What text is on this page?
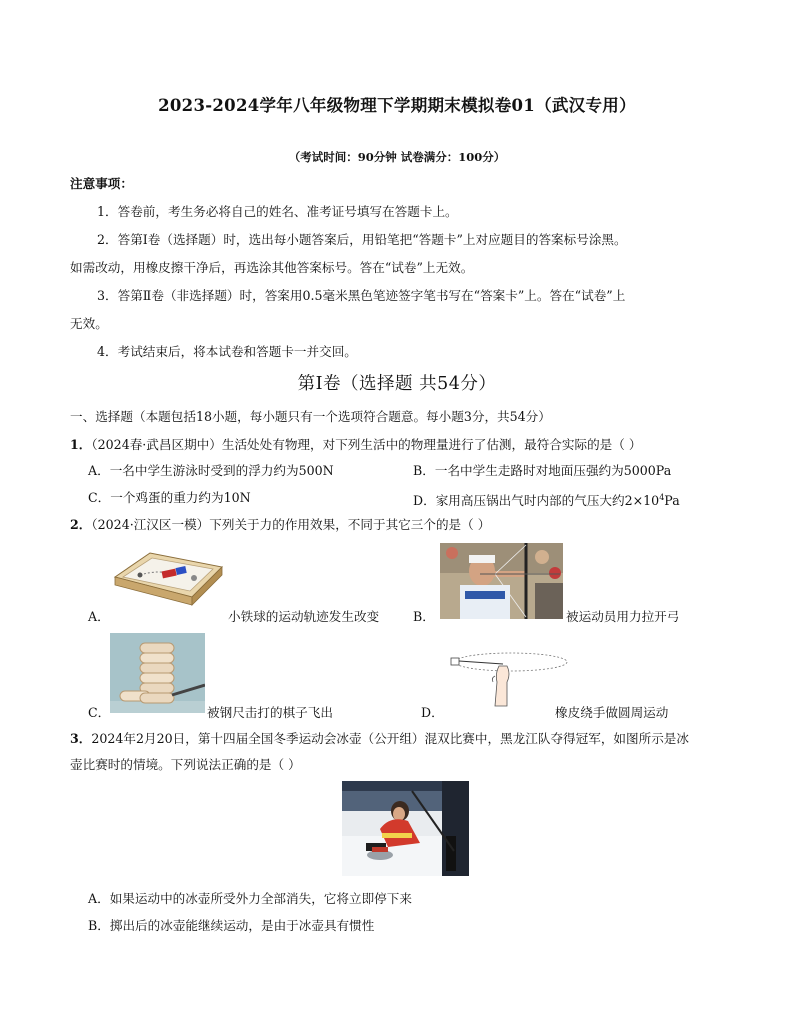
2023-2024学年八年级物理下学期期末模拟卷01（武汉专用）
（考试时间：90分钟 试卷满分：100分）
注意事项：
1．答卷前，考生务必将自己的姓名、准考证号填写在答题卡上。
2．答第Ⅰ卷（选择题）时，选出每小题答案后，用铅笔把“答题卡”上对应题目的答案标号涂黑。
如需改动，用橡皮擦干净后，再选涂其他答案标号。答在“试卷”上无效。
3．答第Ⅱ卷（非选择题）时，答案用0.5毫米黑色笔迹签字笔书写在“答案卡”上。答在“试卷”上
无效。
4．考试结束后，将本试卷和答题卡一并交回。
第Ⅰ卷（选择题 共54分）
一、选择题（本题包括18小题，每小题只有一个选项符合题意。每小题3分，共54分）
1．（2024春·武昌区期中）生活处处有物理，对下列生活中的物理量进行了估测，最符合实际的是（ ）
A．一名中学生游泳时受到的浮力约为500N	B．一名中学生走路时对地面压强约为5000Pa
C．一个鸡蛋的重力约为10N	D．家用高压锅出气时内部的气压大约$2\times 10^4Pa$
2．（2024·江汉区一模）下列关于力的作用效果，不同于其它三个的是（ ）
A．	小铁球的运动轨迹发生改变	B．	被运动员用力拉开弓
C．	被钢尺击打的棋子飞出	D．	橡皮绕手做圆周运动
3．2024年2月20日，第十四届全国冬季运动会冰壶（公开组）混双比赛中，黑龙江队夺得冠军，如图所示是冰
壶比赛时的情境。下列说法正确的是（ ）
A．如果运动中的冰壶所受外力全部消失，它将立即停下来
B．掷出后的冰壶能继续运动，是由于冰壶具有惯性
